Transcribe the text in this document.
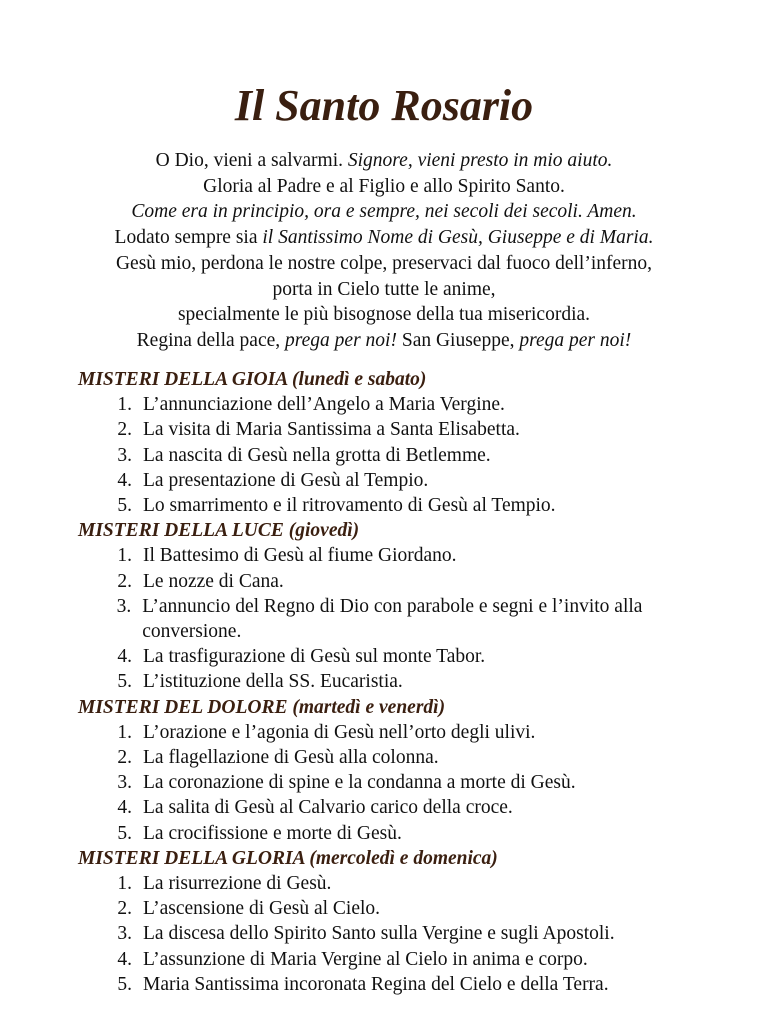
Il Santo Rosario
O Dio, vieni a salvarmi. Signore, vieni presto in mio aiuto.
Gloria al Padre e al Figlio e allo Spirito Santo.
Come era in principio, ora e sempre, nei secoli dei secoli. Amen.
Lodato sempre sia il Santissimo Nome di Gesù, Giuseppe e di Maria.
Gesù mio, perdona le nostre colpe, preservaci dal fuoco dell’inferno,
porta in Cielo tutte le anime,
specialmente le più bisognose della tua misericordia.
Regina della pace, prega per noi! San Giuseppe, prega per noi!
MISTERI DELLA GIOIA (lunedì e sabato)
1. L’annunciazione dell’Angelo a Maria Vergine.
2. La visita di Maria Santissima a Santa Elisabetta.
3. La nascita di Gesù nella grotta di Betlemme.
4. La presentazione di Gesù al Tempio.
5. Lo smarrimento e il ritrovamento di Gesù al Tempio.
MISTERI DELLA LUCE (giovedì)
1. Il Battesimo di Gesù al fiume Giordano.
2. Le nozze di Cana.
3. L’annuncio del Regno di Dio con parabole e segni e l’invito alla conversione.
4. La trasfigurazione di Gesù sul monte Tabor.
5. L’istituzione della SS. Eucaristia.
MISTERI DEL DOLORE (martedì e venerdì)
1. L’orazione e l’agonia di Gesù nell’orto degli ulivi.
2. La flagellazione di Gesù alla colonna.
3. La coronazione di spine e la condanna a morte di Gesù.
4. La salita di Gesù al Calvario carico della croce.
5. La crocifissione e morte di Gesù.
MISTERI DELLA GLORIA (mercoledì e domenica)
1. La risurrezione di Gesù.
2. L’ascensione di Gesù al Cielo.
3. La discesa dello Spirito Santo sulla Vergine e sugli Apostoli.
4. L’assunzione di Maria Vergine al Cielo in anima e corpo.
5. Maria Santissima incoronata Regina del Cielo e della Terra.
